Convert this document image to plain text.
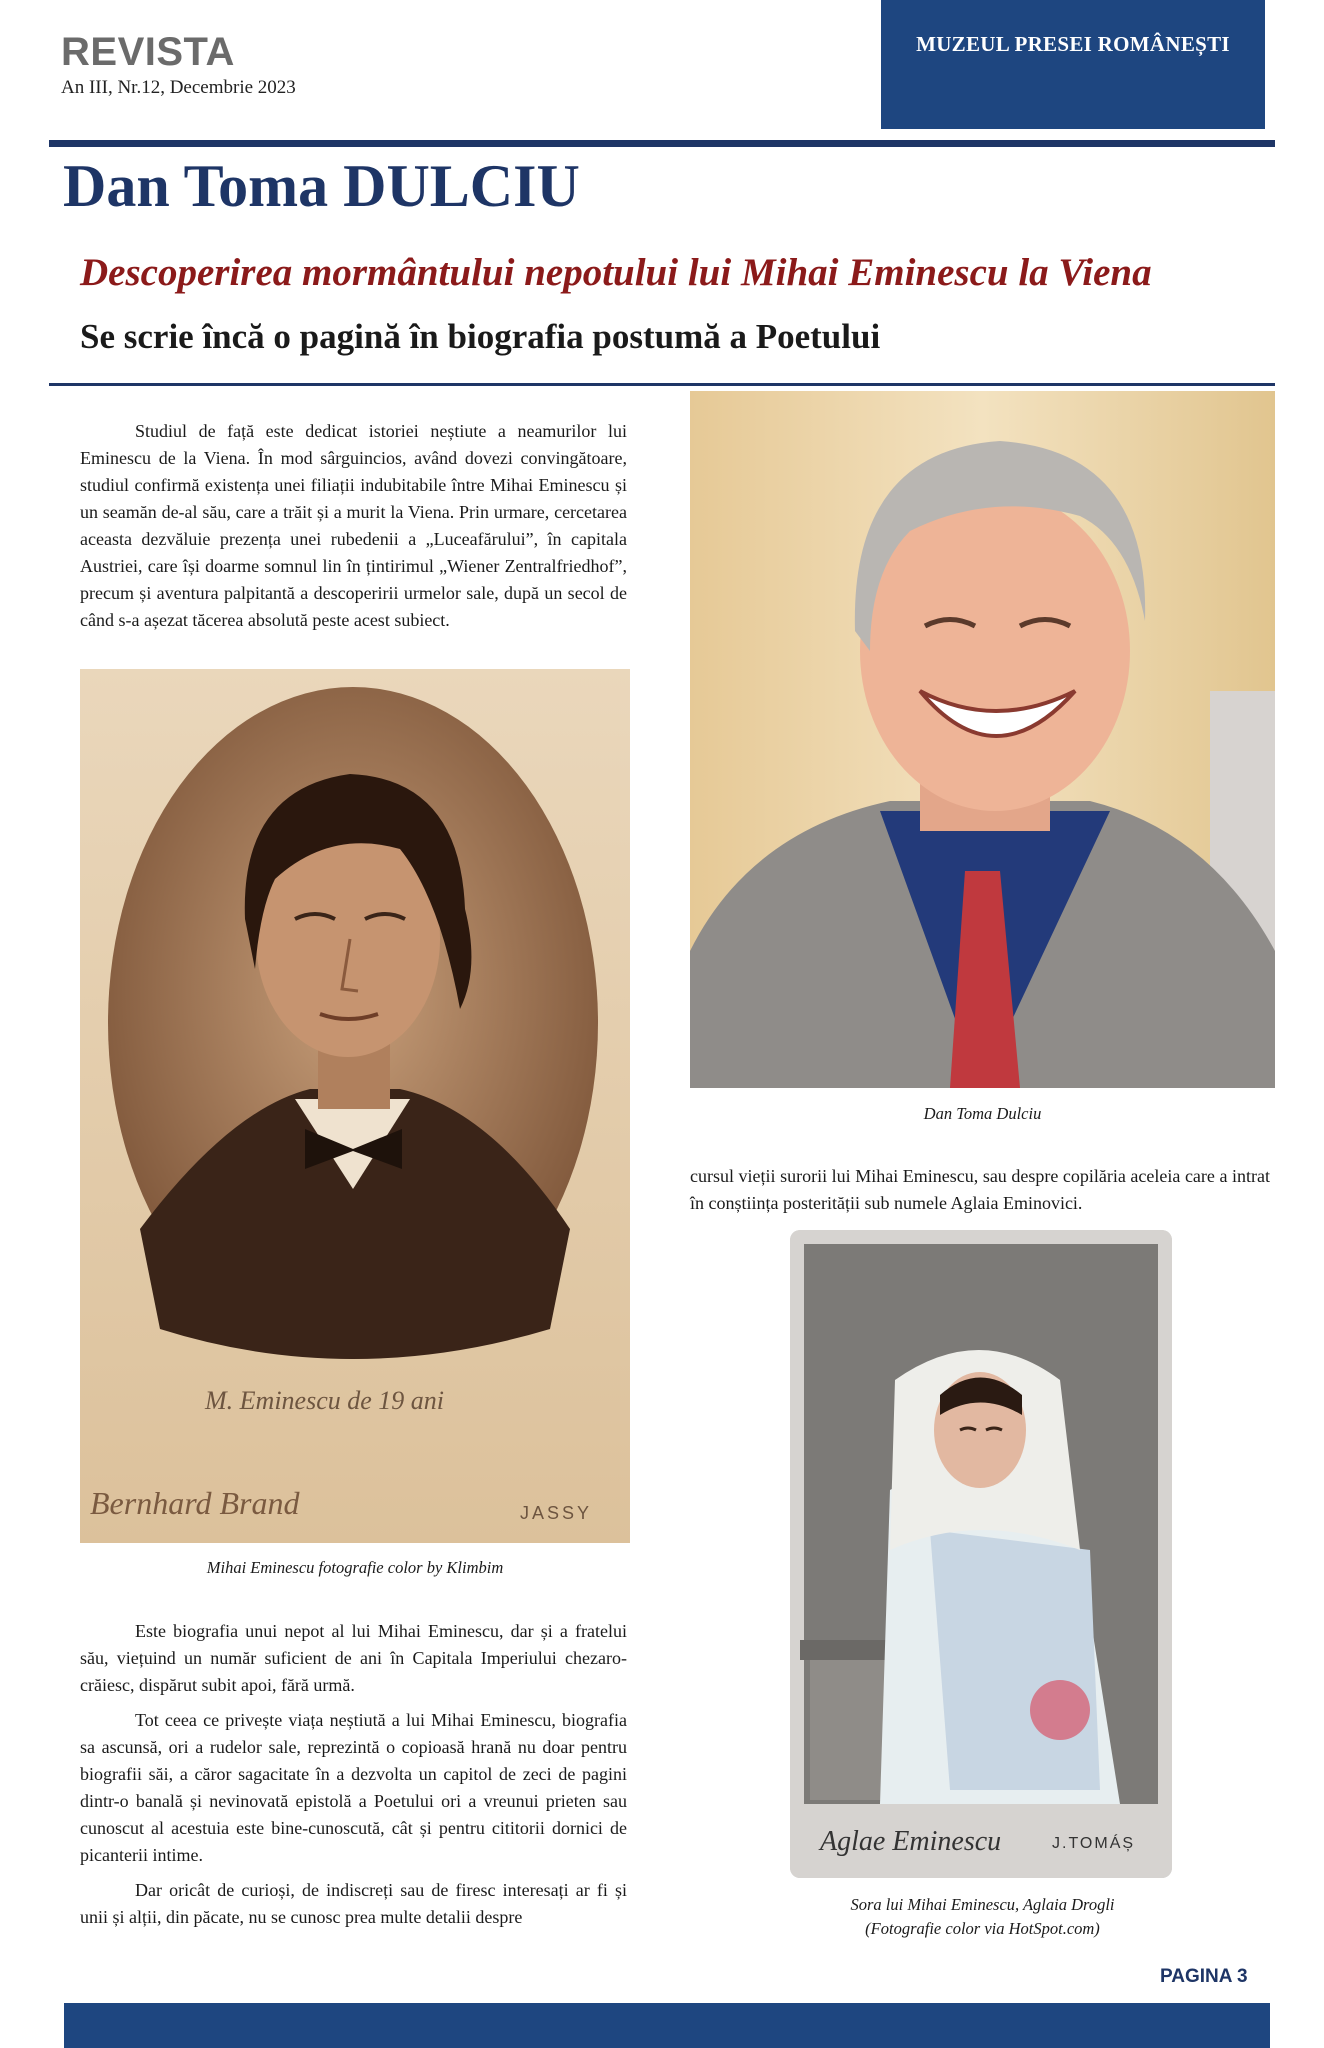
REVISTA
An III, Nr.12, Decembrie 2023
MUZEUL PRESEI ROMÂNEȘTI
Dan Toma DULCIU
Descoperirea mormântului nepotului lui Mihai Eminescu la Viena
Se scrie încă o pagină în biografia postumă a Poetului

Studiul de față este dedicat istoriei neștiute a neamurilor lui Eminescu de la Viena. În mod sârguincios, având dovezi convingătoare, studiul confirmă existența unei filiații indubitabile între Mihai Eminescu și un seamăn de-al său, care a trăit și a murit la Viena. Prin urmare, cercetarea aceasta dezvăluie prezența unei rubedenii a „Luceafărului”, în capitala Austriei, care își doarme somnul lin în țintirimul „Wiener Zentralfriedhof”, precum și aventura palpitantă a descoperirii urmelor sale, după un secol de când s-a așezat tăcerea absolută peste acest subiect.

M. Eminescu de 19 ani
Bernhard Brand	JASSY
Mihai Eminescu fotografie color by Klimbim

Este biografia unui nepot al lui Mihai Eminescu, dar și a fratelui său, viețuind un număr suficient de ani în Capitala Imperiului chezaro-crăiesc, dispărut subit apoi, fără urmă.

Tot ceea ce privește viața neștiută a lui Mihai Eminescu, biografia sa ascunsă, ori a rudelor sale, reprezintă o copioasă hrană nu doar pentru biografii săi, a căror sagacitate în a dezvolta un capitol de zeci de pagini dintr-o banală și nevinovată epistolă a Poetului ori a vreunui prieten sau cunoscut al acestuia este bine-cunoscută, cât și pentru cititorii dornici de picanterii intime.

Dar oricât de curioși, de indiscreți sau de firesc interesați ar fi și unii și alții, din păcate, nu se cunosc prea multe detalii despre

Dan Toma Dulciu

cursul vieții surorii lui Mihai Eminescu, sau despre copilăria aceleia care a intrat în conștiința posterității sub numele Aglaia Eminovici.

Aglae Eminescu	J.TOMÁȘ
Sora lui Mihai Eminescu, Aglaia Drogli
(Fotografie color via HotSpot.com)
PAGINA 3
